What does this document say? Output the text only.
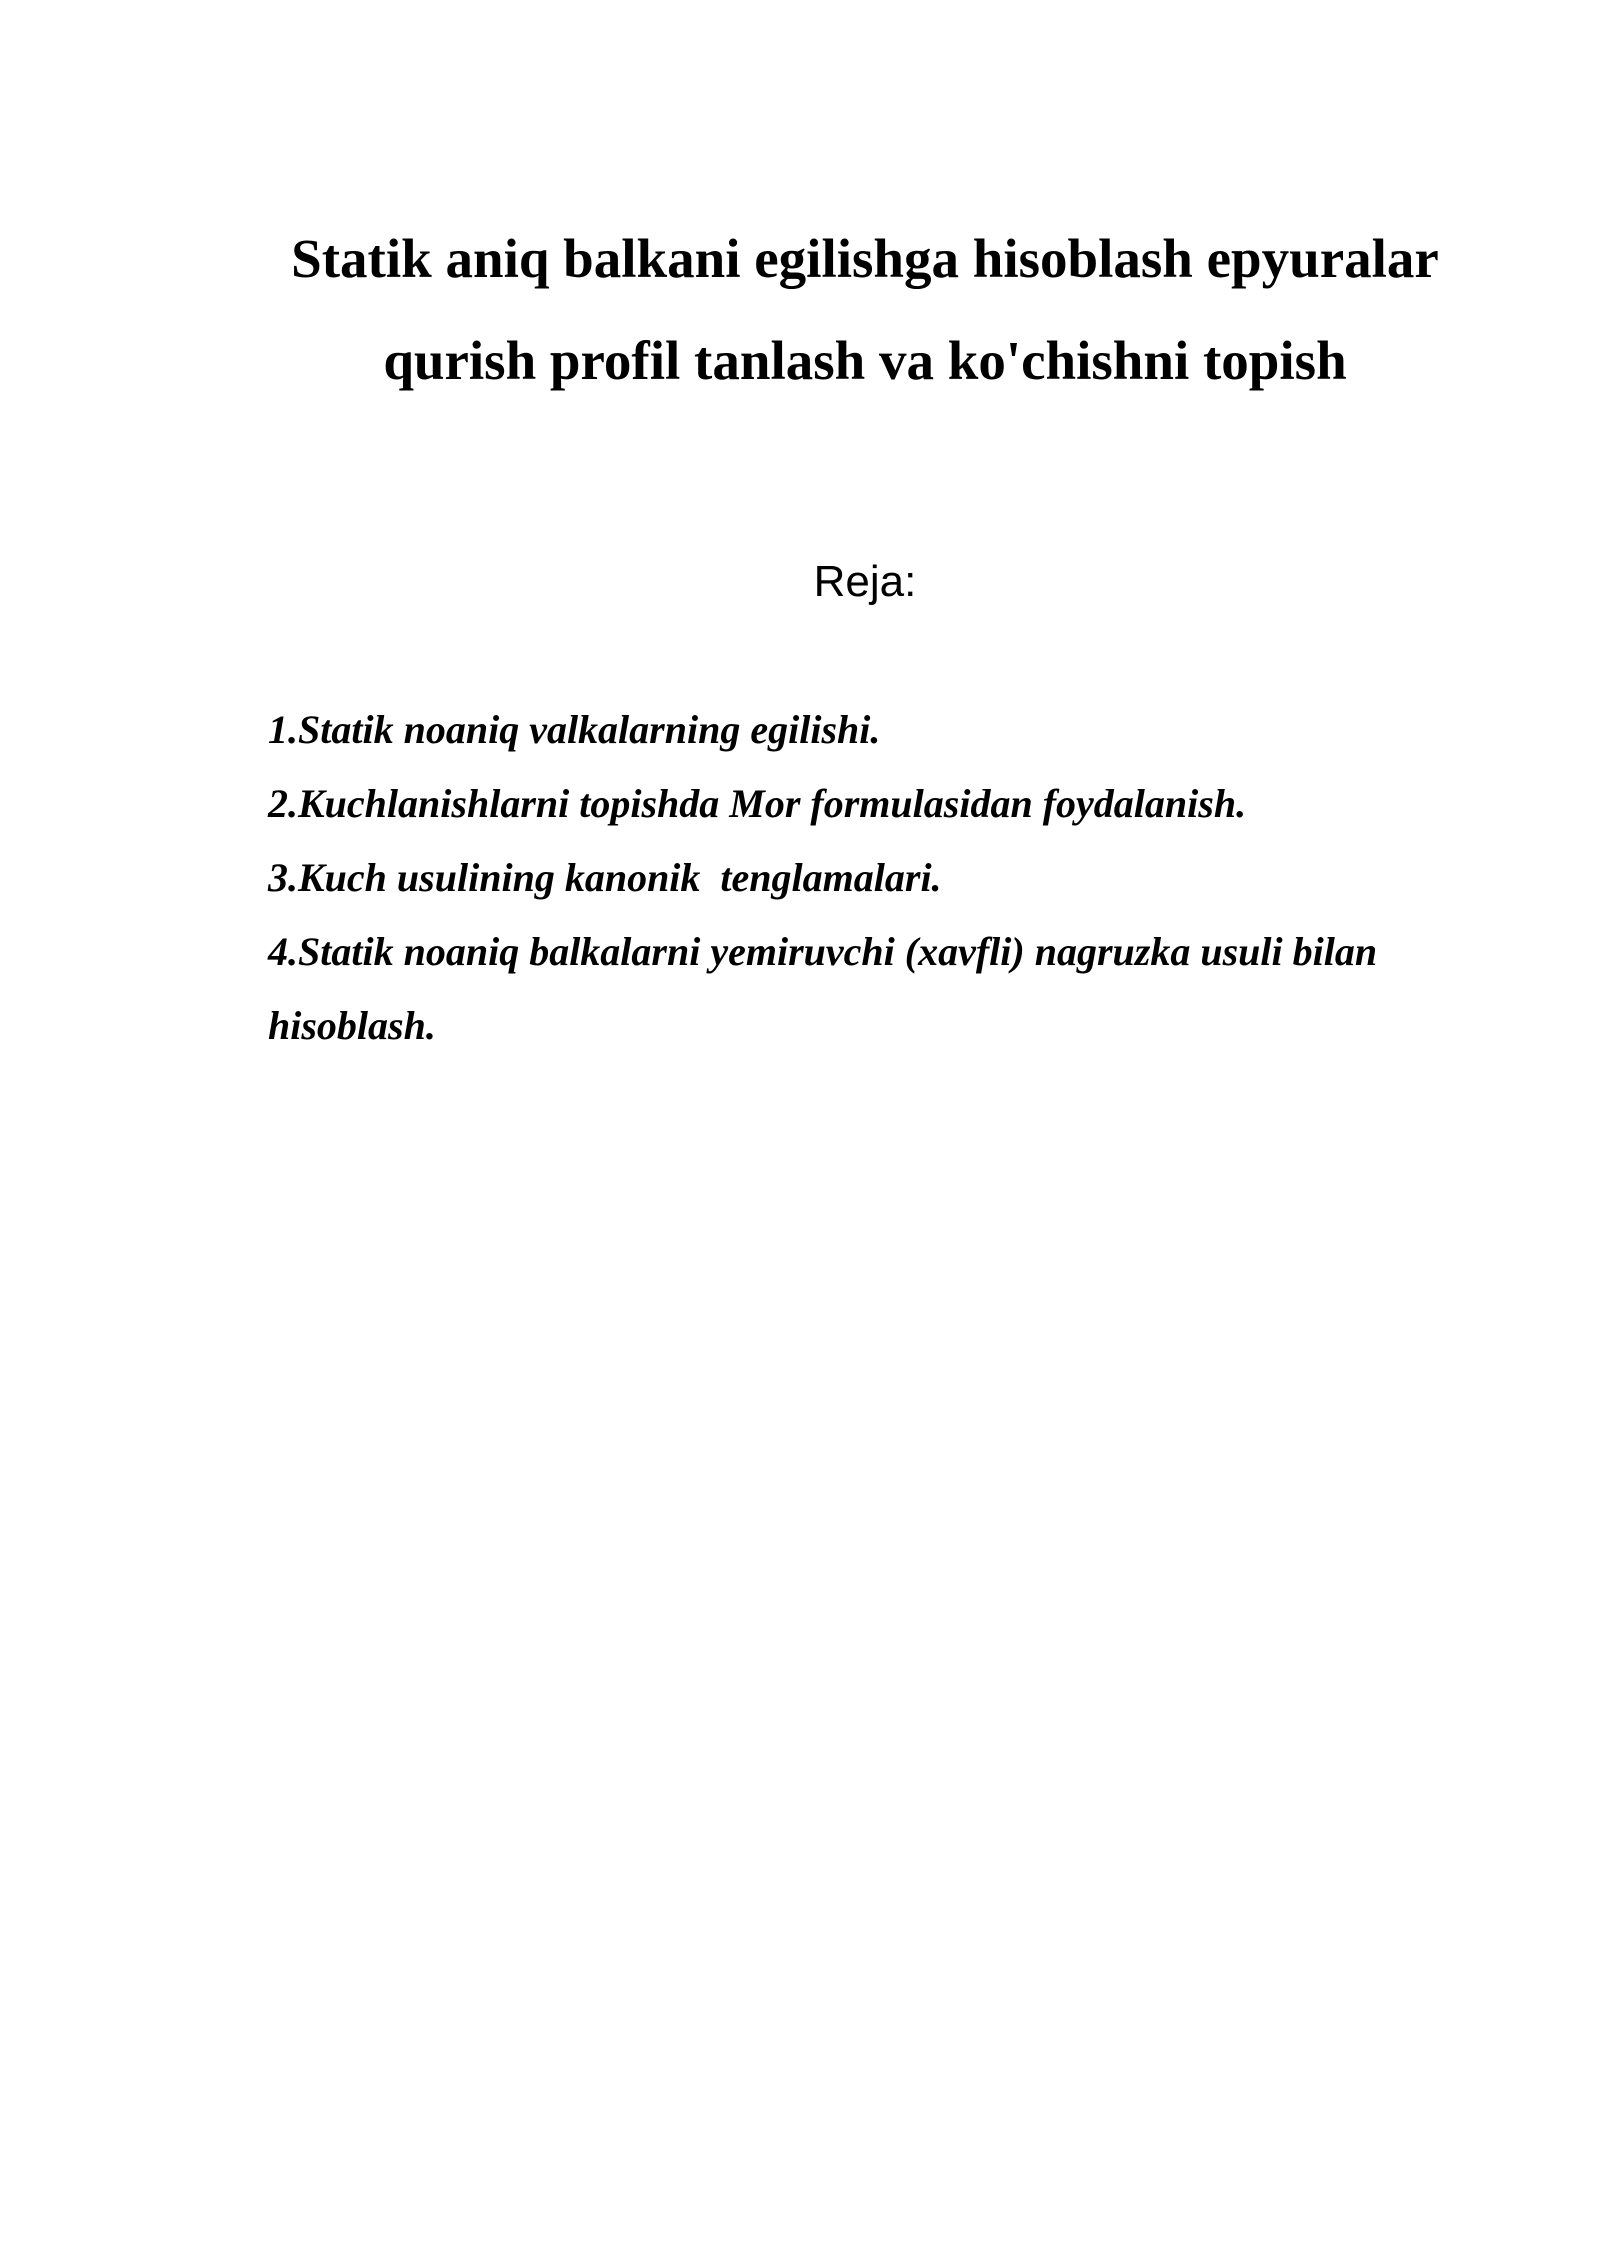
Statik aniq balkani egilishga hisoblash epyuralar
qurish profil tanlash va ko'chishni topish

Reja:

1.Statik noaniq valkalarning egilishi.
2.Kuchlanishlarni topishda Mor formulasidan foydalanish.
3.Kuch usulining kanonik  tenglamalari.
4.Statik noaniq balkalarni yemiruvchi (xavfli) nagruzka usuli bilan hisoblash.
